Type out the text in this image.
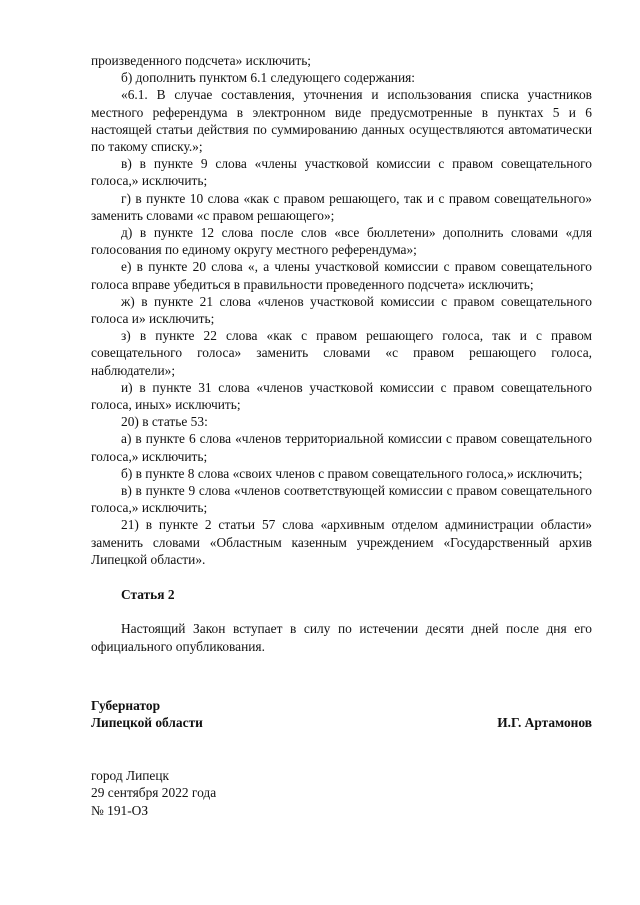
произведенного подсчета» исключить;

б) дополнить пунктом 6.1 следующего содержания:

«6.1. В случае составления, уточнения и использования списка участников местного референдума в электронном виде предусмотренные в пунктах 5 и 6 настоящей статьи действия по суммированию данных осуществляются автоматически по такому списку.»;

в) в пункте 9 слова «члены участковой комиссии с правом совещательного голоса,» исключить;

г) в пункте 10 слова «как с правом решающего, так и с правом совещательного» заменить словами «с правом решающего»;

д) в пункте 12 слова после слов «все бюллетени» дополнить словами «для голосования по единому округу местного референдума»;

е) в пункте 20 слова «, а члены участковой комиссии с правом совещательного голоса вправе убедиться в правильности проведенного подсчета» исключить;

ж) в пункте 21 слова «членов участковой комиссии с правом совещательного голоса и» исключить;

з) в пункте 22 слова «как с правом решающего голоса, так и с правом совещательного голоса» заменить словами «с правом решающего голоса, наблюдатели»;

и) в пункте 31 слова «членов участковой комиссии с правом совещательного голоса, иных» исключить;

20) в статье 53:

а) в пункте 6 слова «членов территориальной комиссии с правом совещательного голоса,» исключить;

б) в пункте 8 слова «своих членов с правом совещательного голоса,» исключить;

в) в пункте 9 слова «членов соответствующей комиссии с правом совещательного голоса,» исключить;

21) в пункте 2 статьи 57 слова «архивным отделом администрации области» заменить словами «Областным казенным учреждением «Государственный архив Липецкой области».

Статья 2

Настоящий Закон вступает в силу по истечении десяти дней после дня его официального опубликования.

Губернатор
Липецкой области	И.Г. Артамонов
город Липецк
29 сентября 2022 года
№ 191-ОЗ
